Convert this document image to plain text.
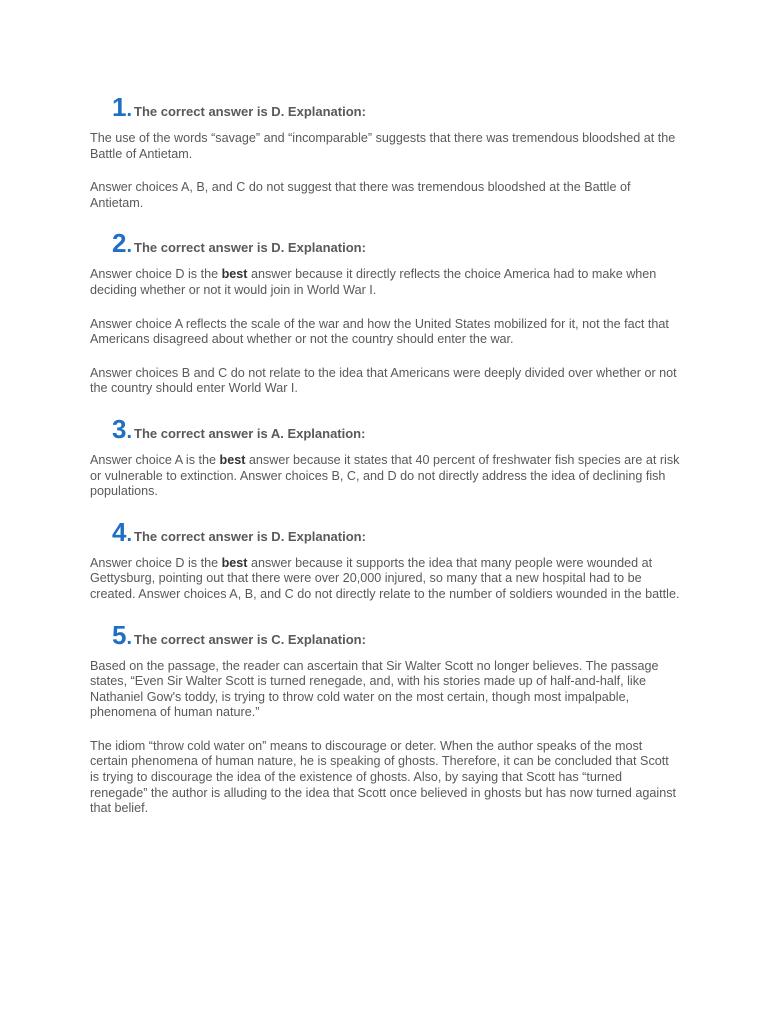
1 . The correct answer is D. Explanation:

The use of the words “savage” and “incomparable” suggests that there was tremendous bloodshed at the Battle of Antietam.

Answer choices A, B, and C do not suggest that there was tremendous bloodshed at the Battle of Antietam.

2 . The correct answer is D. Explanation:

Answer choice D is the best answer because it directly reflects the choice America had to make when deciding whether or not it would join in World War I.

Answer choice A reflects the scale of the war and how the United States mobilized for it, not the fact that Americans disagreed about whether or not the country should enter the war.

Answer choices B and C do not relate to the idea that Americans were deeply divided over whether or not the country should enter World War I.

3 . The correct answer is A. Explanation:

Answer choice A is the best answer because it states that 40 percent of freshwater fish species are at risk or vulnerable to extinction. Answer choices B, C, and D do not directly address the idea of declining fish populations.

4 . The correct answer is D. Explanation:

Answer choice D is the best answer because it supports the idea that many people were wounded at Gettysburg, pointing out that there were over 20,000 injured, so many that a new hospital had to be created. Answer choices A, B, and C do not directly relate to the number of soldiers wounded in the battle.

5 . The correct answer is C. Explanation:

Based on the passage, the reader can ascertain that Sir Walter Scott no longer believes. The passage states, “Even Sir Walter Scott is turned renegade, and, with his stories made up of half-and-half, like Nathaniel Gow's toddy, is trying to throw cold water on the most certain, though most impalpable, phenomena of human nature.”

The idiom “throw cold water on” means to discourage or deter. When the author speaks of the most certain phenomena of human nature, he is speaking of ghosts. Therefore, it can be concluded that Scott is trying to discourage the idea of the existence of ghosts. Also, by saying that Scott has “turned renegade” the author is alluding to the idea that Scott once believed in ghosts but has now turned against that belief.
